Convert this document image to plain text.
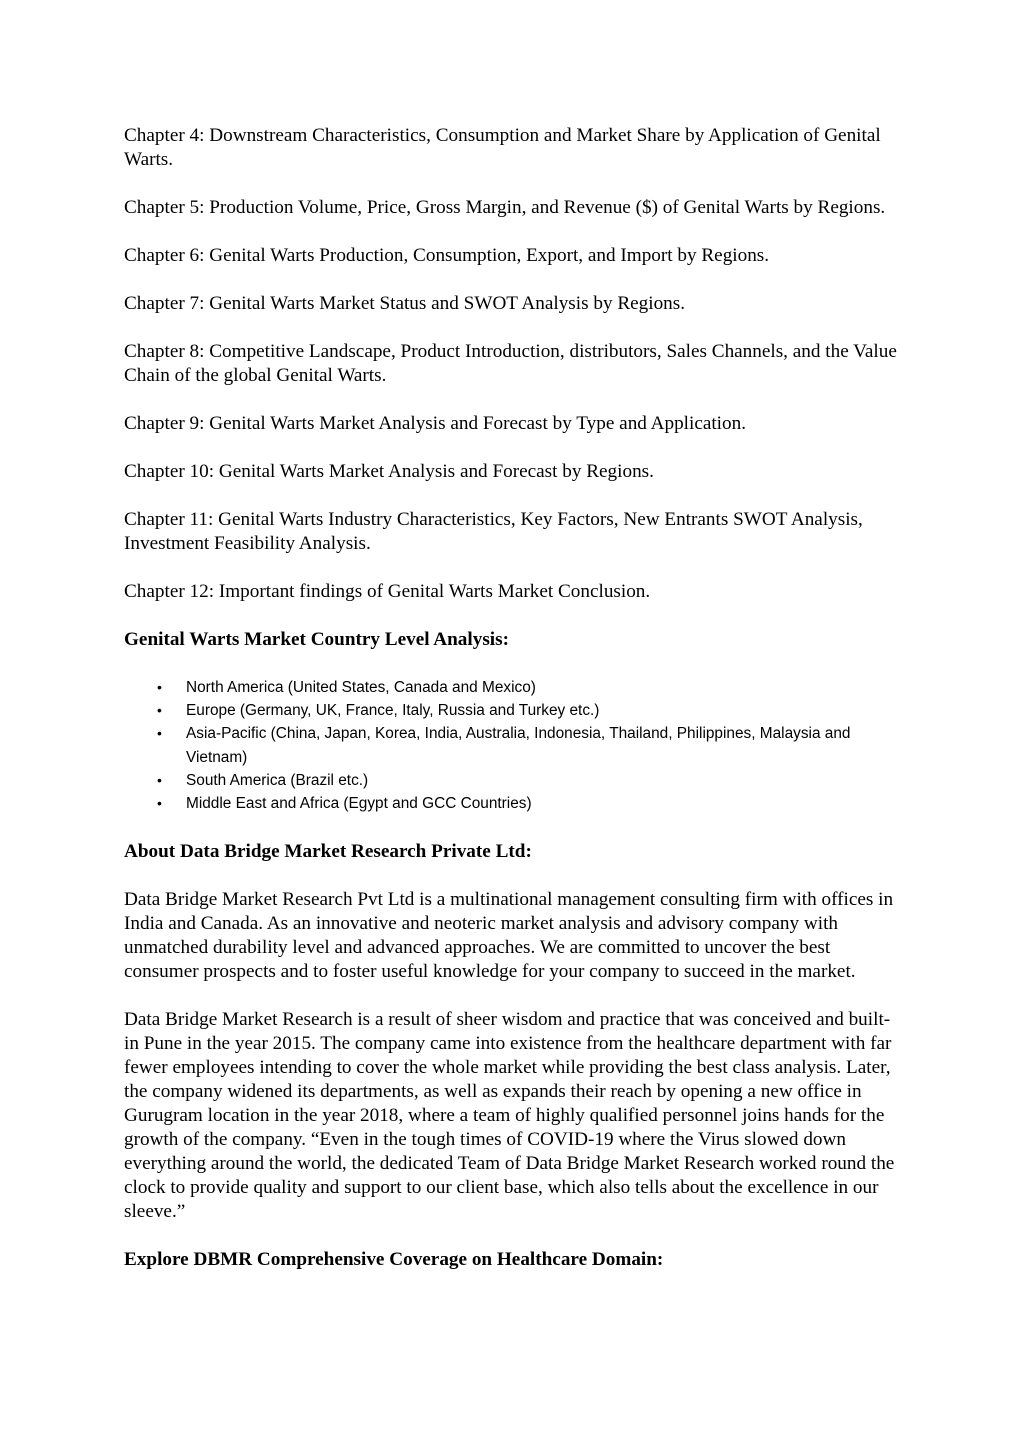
Chapter 4: Downstream Characteristics, Consumption and Market Share by Application of Genital Warts.

Chapter 5: Production Volume, Price, Gross Margin, and Revenue ($) of Genital Warts by Regions.

Chapter 6: Genital Warts Production, Consumption, Export, and Import by Regions.

Chapter 7: Genital Warts Market Status and SWOT Analysis by Regions.

Chapter 8: Competitive Landscape, Product Introduction, distributors, Sales Channels, and the Value Chain of the global Genital Warts.

Chapter 9: Genital Warts Market Analysis and Forecast by Type and Application.

Chapter 10: Genital Warts Market Analysis and Forecast by Regions.

Chapter 11: Genital Warts Industry Characteristics, Key Factors, New Entrants SWOT Analysis, Investment Feasibility Analysis.

Chapter 12: Important findings of Genital Warts Market Conclusion.

Genital Warts Market Country Level Analysis:

• North America (United States, Canada and Mexico)
• Europe (Germany, UK, France, Italy, Russia and Turkey etc.)
• Asia-Pacific (China, Japan, Korea, India, Australia, Indonesia, Thailand, Philippines, Malaysia and Vietnam)
• South America (Brazil etc.)
• Middle East and Africa (Egypt and GCC Countries)

About Data Bridge Market Research Private Ltd:

Data Bridge Market Research Pvt Ltd is a multinational management consulting firm with offices in India and Canada. As an innovative and neoteric market analysis and advisory company with unmatched durability level and advanced approaches. We are committed to uncover the best consumer prospects and to foster useful knowledge for your company to succeed in the market.

Data Bridge Market Research is a result of sheer wisdom and practice that was conceived and built-in Pune in the year 2015. The company came into existence from the healthcare department with far fewer employees intending to cover the whole market while providing the best class analysis. Later, the company widened its departments, as well as expands their reach by opening a new office in Gurugram location in the year 2018, where a team of highly qualified personnel joins hands for the growth of the company. “Even in the tough times of COVID-19 where the Virus slowed down everything around the world, the dedicated Team of Data Bridge Market Research worked round the clock to provide quality and support to our client base, which also tells about the excellence in our sleeve.”

Explore DBMR Comprehensive Coverage on Healthcare Domain:
